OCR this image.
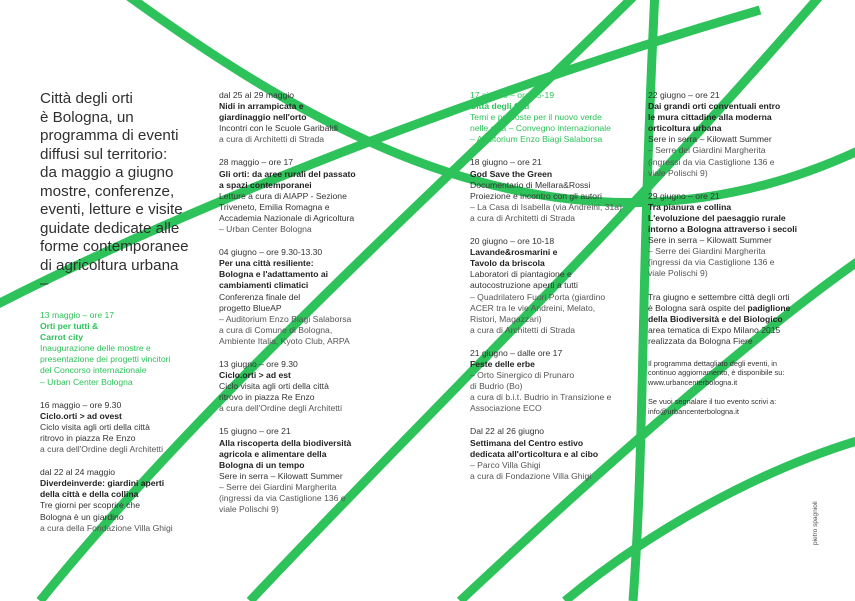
Città degli orti
è Bologna, un
programma di eventi
diffusi sul territorio:
da maggio a giugno
mostre, conferenze,
eventi, letture e visite
guidate dedicate alle
forme contemporanee
di agricoltura urbana
–
13 maggio – ore 17
Orti per tutti &
Carrot city
Inaugurazione delle mostre e
presentazione dei progetti vincitori
del Concorso internazionale
– Urban Center Bologna
16 maggio – ore 9.30
Ciclo.orti > ad ovest
Ciclo visita agli orti della città
ritrovo in piazza Re Enzo
a cura dell'Ordine degli Architetti
dal 22 al 24 maggio
Diverdeinverde: giardini aperti
della città e della collina
Tre giorni per scoprire che
Bologna è un giardino
a cura della Fondazione Villa Ghigi
dal 25 al 29 maggio
Nidi in arrampicata e
giardinaggio nell'orto
Incontri con le Scuole Garibaldi
a cura di Architetti di Strada
28 maggio – ore 17
Gli orti: da aree rurali del passato
a spazi contemporanei
Letture a cura di AIAPP - Sezione
Triveneto, Emilia Romagna e
Accademia Nazionale di Agricoltura
– Urban Center Bologna
04 giugno – ore 9.30-13.30
Per una città resiliente:
Bologna e l'adattamento ai
cambiamenti climatici
Conferenza finale del
progetto BlueAP
– Auditorium Enzo Biagi Salaborsa
a cura di Comune di Bologna,
Ambiente Italia, Kyoto Club, ARPA
13 giugno – ore 9.30
Ciclo.orti > ad est
Ciclo visita agli orti della città
ritrovo in piazza Re Enzo
a cura dell'Ordine degli Architetti
15 giugno – ore 21
Alla riscoperta della biodiversità
agricola e alimentare della
Bologna di un tempo
Sere in serra – Kilowatt Summer
– Serre dei Giardini Margherita
(ingressi da via Castiglione 136 e
viale Polischi 9)
17 giugno – ore 15-19
Città degli Orti
Temi e proposte per il nuovo verde
nelle città – Convegno internazionale
– Auditorium Enzo Biagi Salaborsa
18 giugno – ore 21
God Save the Green
Documentario di Mellara&Rossi
Proiezione e incontro con gli autori
– La Casa di Isabella (via Andreini, 31a)
a cura di Architetti di Strada
20 giugno – ore 10-18
Lavande&rosmarini e
Tavolo da briscola
Laboratori di piantagione e
autocostruzione aperti a tutti
– Quadrilatero Fuori Porta (giardino
ACER tra le vie Andreini, Melato,
Ristori, Magazzari)
a cura di Architetti di Strada
21 giugno – dalle ore 17
Feste delle erbe
– Orto Sinergico di Prunaro
di Budrio (Bo)
a cura di b.i.t. Budrio in Transizione e
Associazione ECO
Dal 22 al 26 giugno
Settimana del Centro estivo
dedicata all'orticoltura e al cibo
– Parco Villa Ghigi
a cura di Fondazione Villa Ghigi
22 giugno – ore 21
Dai grandi orti conventuali entro
le mura cittadine alla moderna
orticoltura urbana
Sere in serra – Kilowatt Summer
– Serre dei Giardini Margherita
(ingressi da via Castiglione 136 e
viale Polischi 9)
29 giugno – ore 21
Tra pianura e collina
L'evoluzione del paesaggio rurale
intorno a Bologna attraverso i secoli
Sere in serra – Kilowatt Summer
– Serre dei Giardini Margherita
(ingressi da via Castiglione 136 e
viale Polischi 9)
Tra giugno e settembre città degli orti
è Bologna sarà ospite del padiglione
della Biodiversità e del Biologico
area tematica di Expo Milano 2015
realizzata da Bologna Fiere
Il programma dettagliato degli eventi, in
continuo aggiornamento, è disponibile su:
www.urbancenterbologna.it
Se vuoi segnalare il tuo evento scrivi a:
info@urbancenterbologna.it
pietro spagnioli
